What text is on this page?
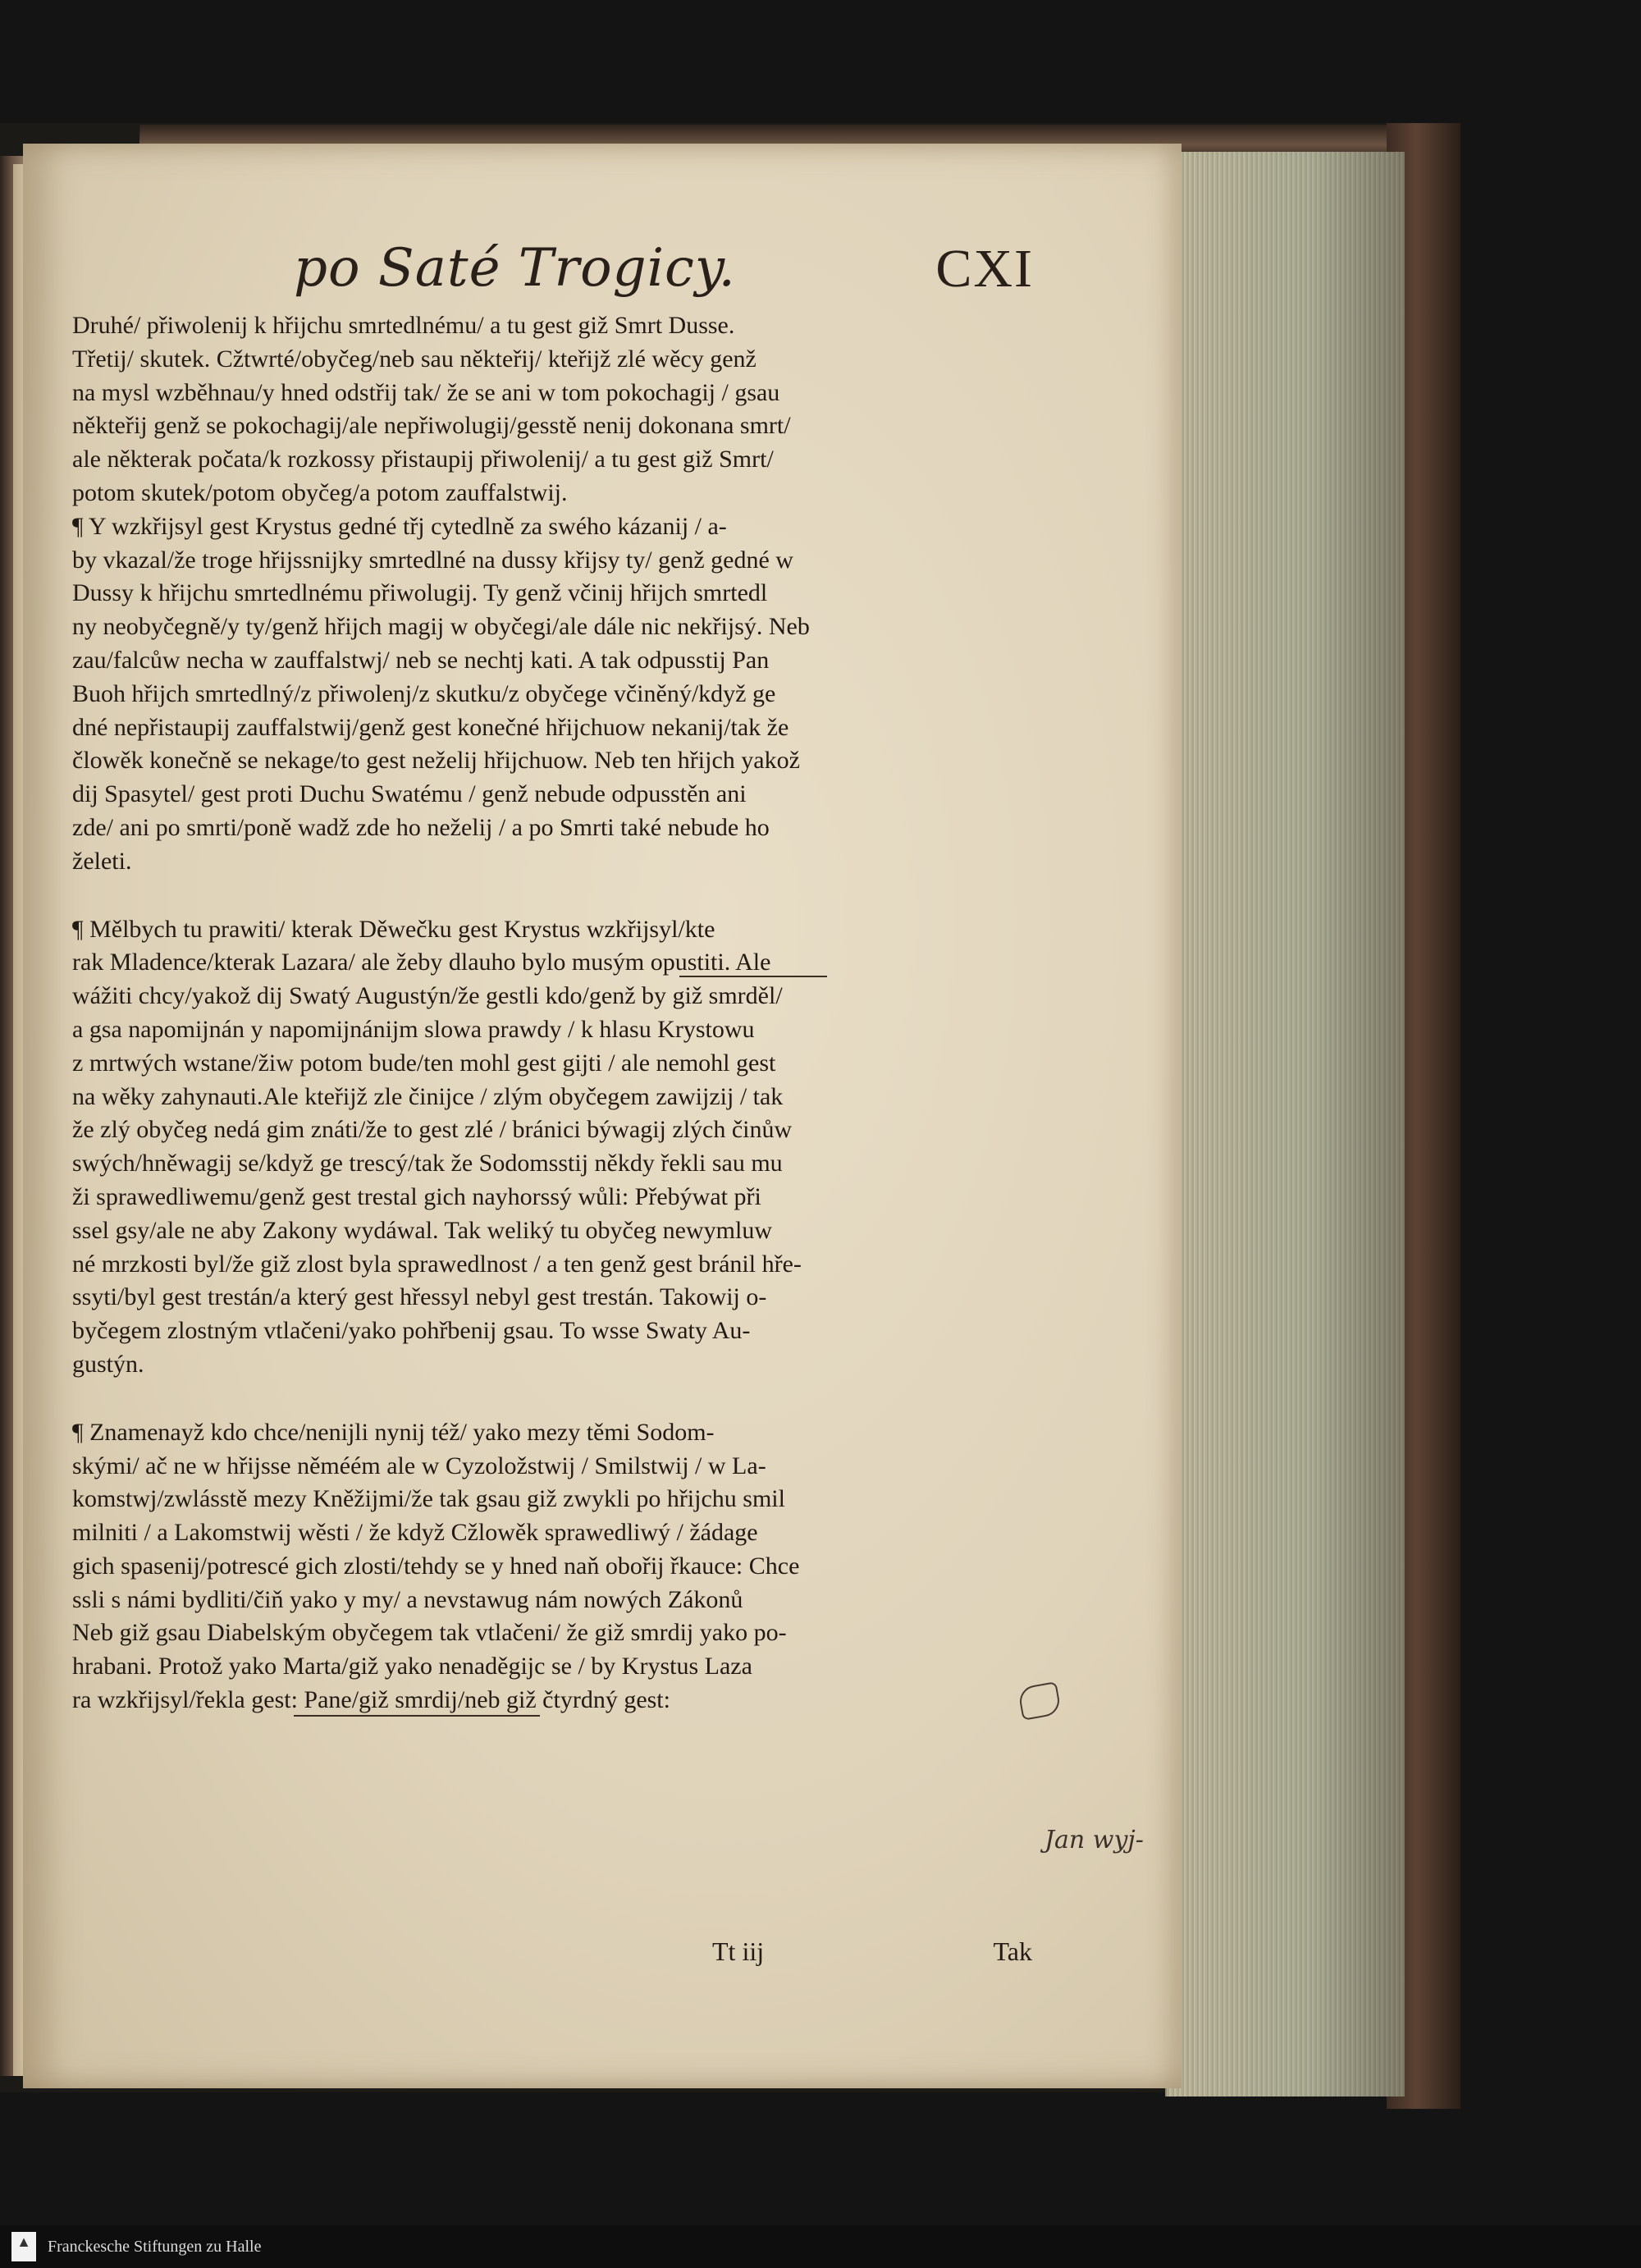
po Saté Trogicy.	CXI
Druhé/ přiwolenij k hřijchu smrtedlnému/ a tu gest giž Smrt Dusse.
Třetij/ skutek. Cžtwrté/obyčeg/neb sau někteřij/ kteřijž zlé wěcy genž
na mysl wzběhnau/y hned odstřij tak/ že se ani w tom pokochagij / gsau
někteřij genž se pokochagij/ale nepřiwolugij/gesstě nenij dokonana smrt/
ale některak počata/k rozkossy přistaupij přiwolenij/ a tu gest giž Smrt/
potom skutek/potom obyčeg/a potom zauffalstwij.
¶ Y wzkřijsyl gest Krystus gedné třj cytedlně za swého kázanij / a-
by vkazal/že troge hřijssnijky smrtedlné na dussy křijsy ty/ genž gedné w
Dussy k hřijchu smrtedlnému přiwolugij. Ty genž včinij hřijch smrtedl
ny neobyčegně/y ty/genž hřijch magij w obyčegi/ale dále nic nekřijsý. Neb
zau/falcůw necha w zauffalstwj/ neb se nechtj kati. A tak odpusstij Pan
Buoh hřijch smrtedlný/z přiwolenj/z skutku/z obyčege včiněný/když ge
dné nepřistaupij zauffalstwij/genž gest konečné hřijchuow nekanij/tak že
člowěk konečně se nekage/to gest neželij hřijchuow. Neb ten hřijch yakož
dij Spasytel/ gest proti Duchu Swatému / genž nebude odpusstěn ani
zde/ ani po smrti/poně wadž zde ho neželij / a po Smrti také nebude ho
želeti.
¶ Mělbych tu prawiti/ kterak Děwečku gest Krystus wzkřijsyl/kte
rak Mladence/kterak Lazara/ ale žeby dlauho bylo musým opustiti. Ale
wážiti chcy/yakož dij Swatý Augustýn/že gestli kdo/genž by giž smrděl/
a gsa napomijnán y napomijnánijm slowa prawdy / k hlasu Krystowu
z mrtwých wstane/žiw potom bude/ten mohl gest gijti / ale nemohl gest
na wěky zahynauti.Ale kteřijž zle činijce / zlým obyčegem zawijzij / tak
že zlý obyčeg nedá gim znáti/že to gest zlé / bránici býwagij zlých činůw
swých/hněwagij se/když ge trescý/tak že Sodomsstij někdy řekli sau mu
ži sprawedliwemu/genž gest trestal gich nayhorssý wůli: Přebýwat při
ssel gsy/ale ne aby Zakony wydáwal. Tak weliký tu obyčeg newymluw
né mrzkosti byl/že giž zlost byla sprawedlnost / a ten genž gest bránil hře-
ssyti/byl gest trestán/a který gest hřessyl nebyl gest trestán. Takowij o-
byčegem zlostným vtlačeni/yako pohřbenij gsau. To wsse Swaty Au-
gustýn.
¶ Znamenayž kdo chce/nenijli nynij též/ yako mezy těmi Sodom-
skými/ ač ne w hřijsse něméém ale w Cyzoložstwij / Smilstwij / w La-
komstwj/zwlásstě mezy Kněžijmi/že tak gsau giž zwykli po hřijchu smil
milniti / a Lakomstwij wěsti / že když Cžlowěk sprawedliwý / žádage
gich spasenij/potrescé gich zlosti/tehdy se y hned naň obořij řkauce: Chce
ssli s námi bydliti/čiň yako y my/ a nevstawug nám nowých Zákonů
Neb giž gsau Diabelským obyčegem tak vtlačeni/ že giž smrdij yako po-
hrabani. Protož yako Marta/giž yako nenaděgijc se / by Krystus Laza
ra wzkřijsyl/řekla gest: Pane/giž smrdij/neb giž čtyrdný gest:
Jan wyj-
Tt iij	Tak
▲ Franckesche Stiftungen zu Halle
